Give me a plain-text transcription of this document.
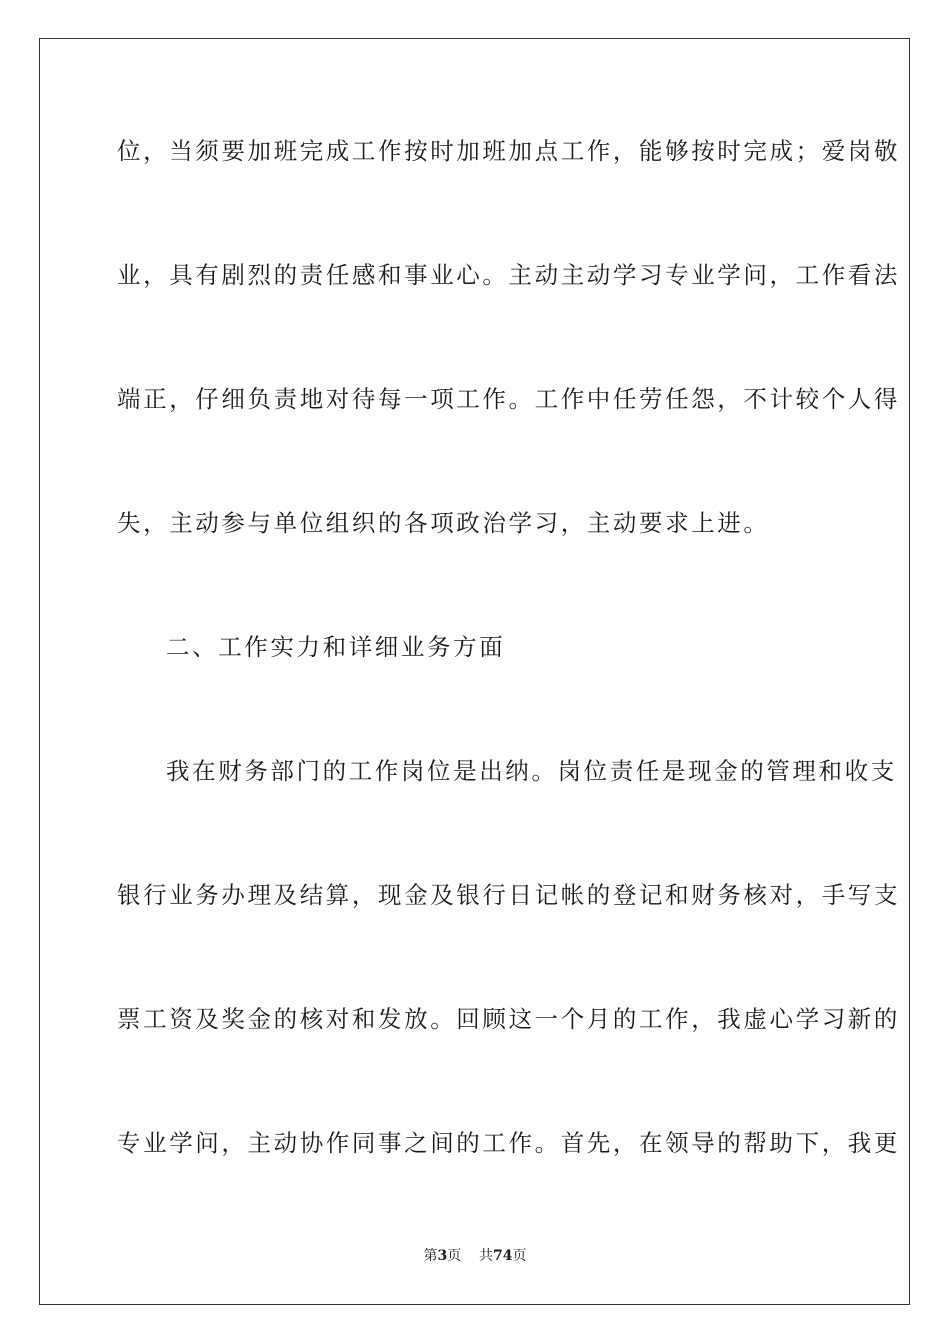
位，当须要加班完成工作按时加班加点工作，能够按时完成；爱岗敬
业，具有剧烈的责任感和事业心。主动主动学习专业学问，工作看法
端正，仔细负责地对待每一项工作。工作中任劳任怨，不计较个人得
失，主动参与单位组织的各项政治学习，主动要求上进。
二、工作实力和详细业务方面
我在财务部门的工作岗位是出纳。岗位责任是现金的管理和收支
银行业务办理及结算，现金及银行日记帐的登记和财务核对，手写支
票工资及奖金的核对和发放。回顾这一个月的工作，我虚心学习新的
专业学问，主动协作同事之间的工作。首先，在领导的帮助下，我更
第3页 共74页
